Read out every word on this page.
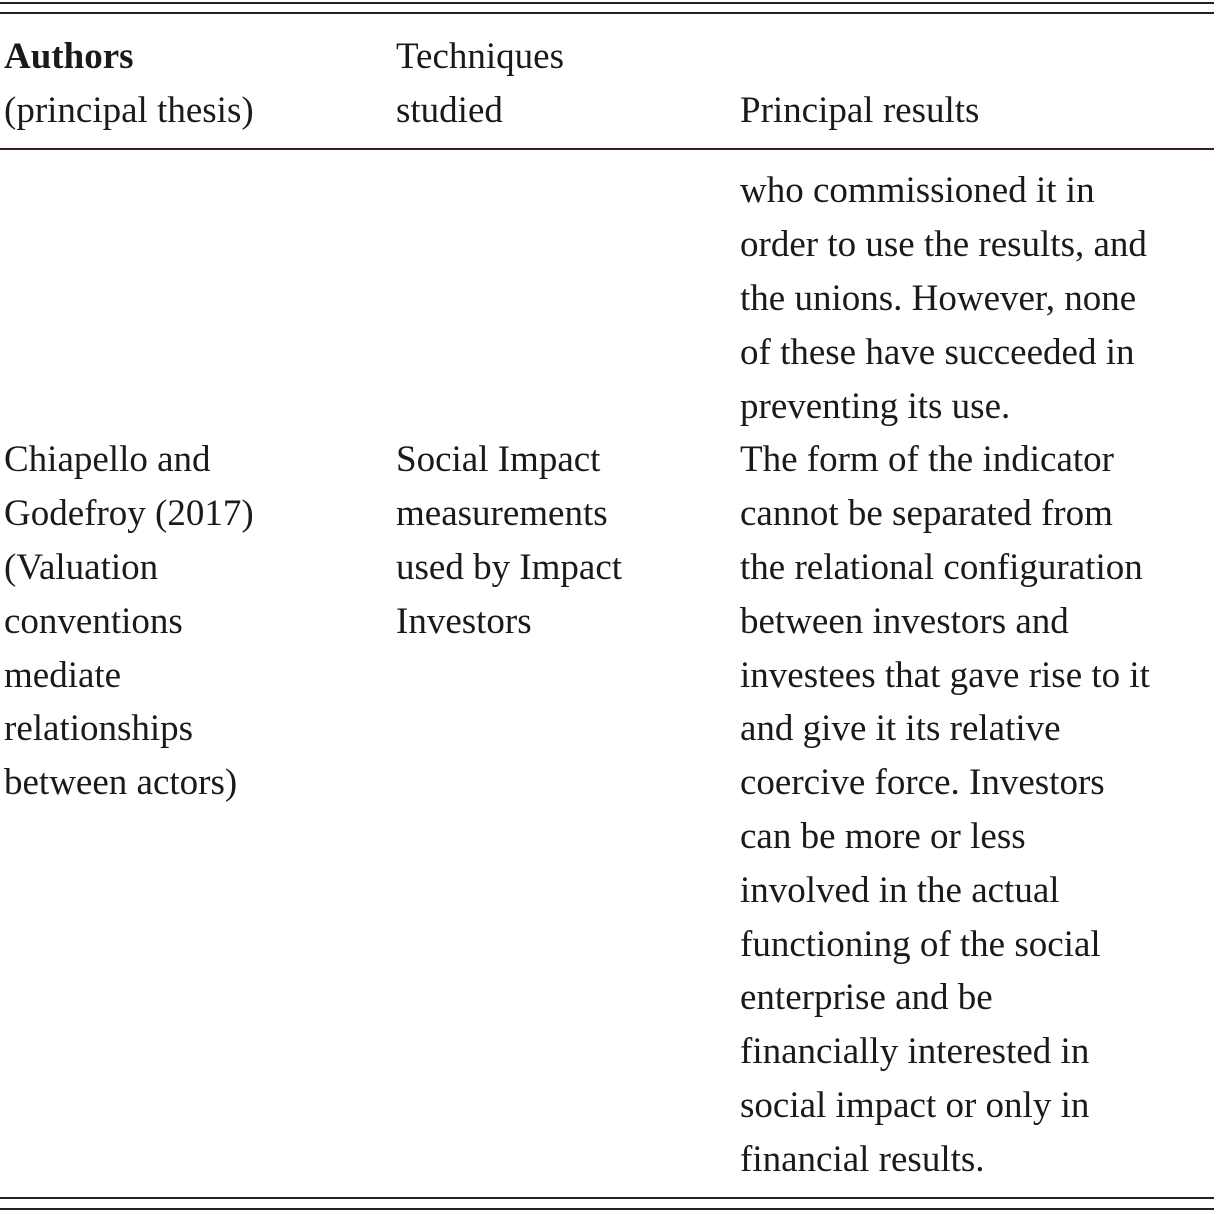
Authors

(principal thesis)

Techniques

studied	Principal results

who commissioned it in

order to use the results, and

the unions. However, none

of these have succeeded in

preventing its use.

Chiapello and

Godefroy (2017)

(Valuation

conventions

mediate

relationships

between actors)

Social Impact

measurements

used by Impact

Investors

The form of the indicator

cannot be separated from

the relational configuration

between investors and

investees that gave rise to it

and give it its relative

coercive force. Investors

can be more or less

involved in the actual

functioning of the social

enterprise and be

financially interested in

social impact or only in

financial results.
